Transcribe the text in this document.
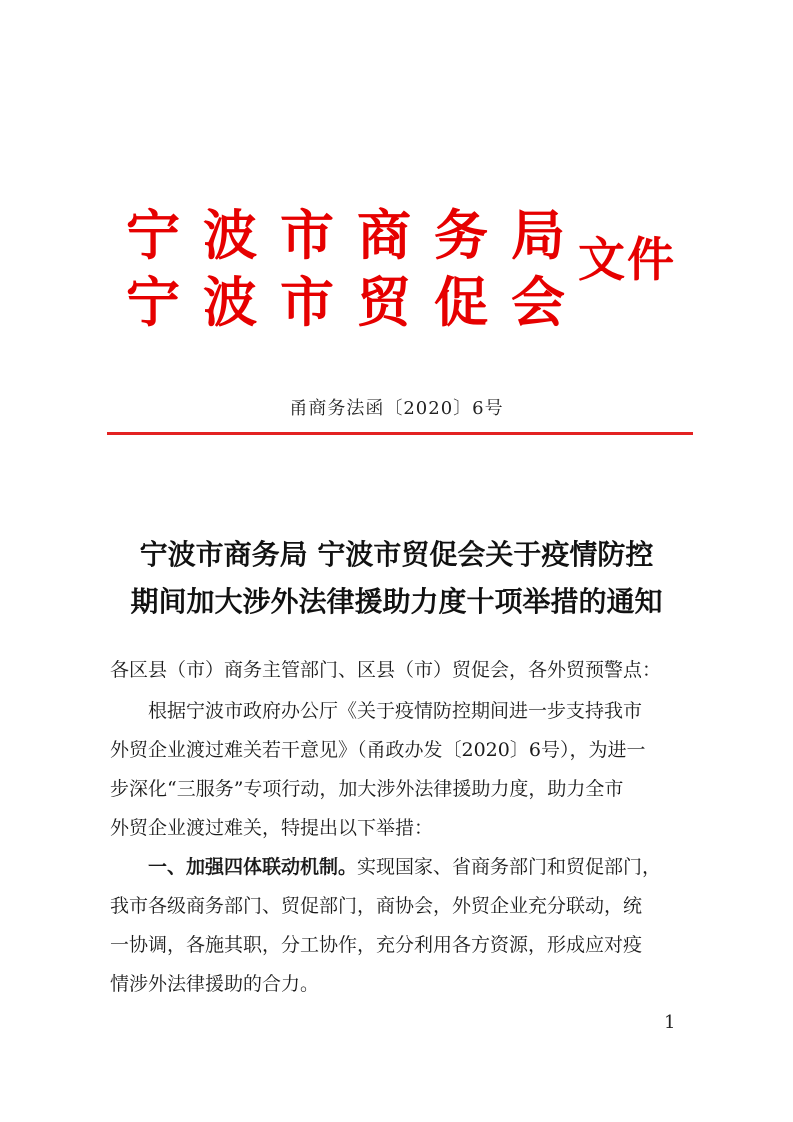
宁波市商务局
宁波市贸促会
文件
甬商务法函〔2020〕6号
宁波市商务局 宁波市贸促会关于疫情防控
期间加大涉外法律援助力度十项举措的通知
各区县（市）商务主管部门、区县（市）贸促会，各外贸预警点：
根据宁波市政府办公厅《关于疫情防控期间进一步支持我市
外贸企业渡过难关若干意见》（甬政办发〔2020〕6号），为进一
步深化“三服务”专项行动，加大涉外法律援助力度，助力全市
外贸企业渡过难关，特提出以下举措：
一、加强四体联动机制。实现国家、省商务部门和贸促部门，
我市各级商务部门、贸促部门，商协会，外贸企业充分联动，统
一协调，各施其职，分工协作，充分利用各方资源，形成应对疫
情涉外法律援助的合力。
1
